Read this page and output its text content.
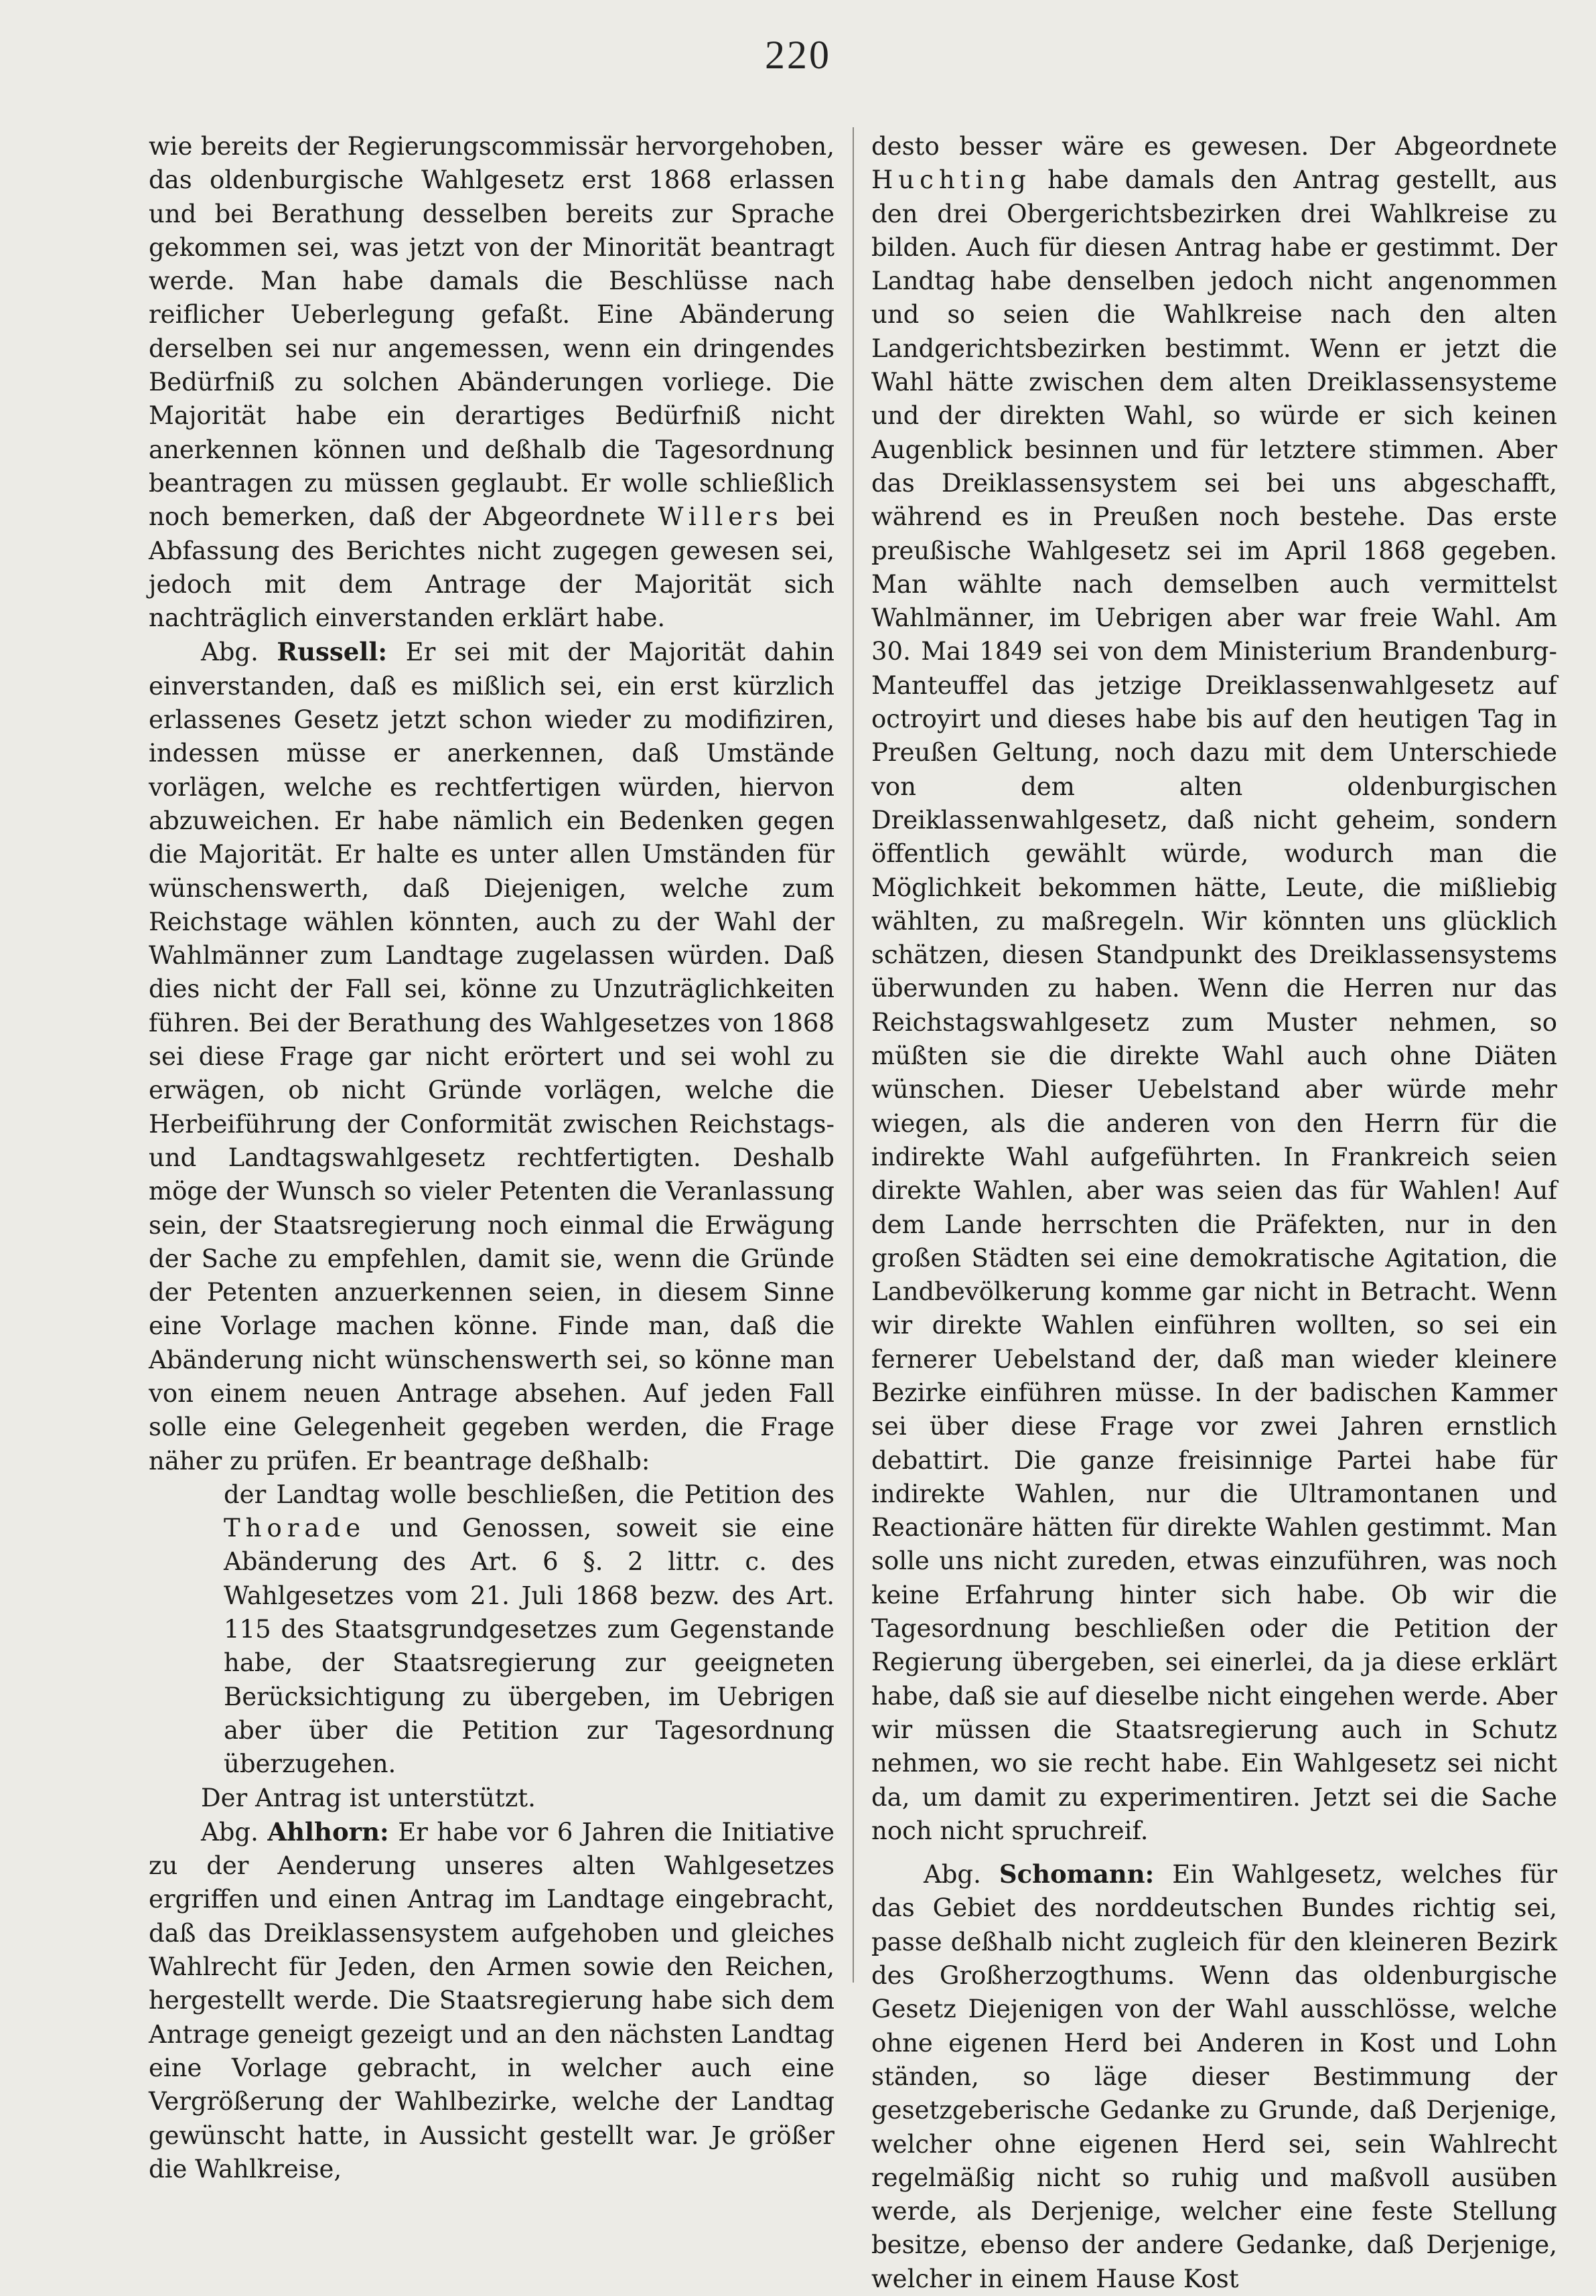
220

wie bereits der Regierungscommissär hervorgehoben, das oldenburgische Wahlgesetz erst 1868 erlassen und bei Berathung desselben bereits zur Sprache gekommen sei, was jetzt von der Minorität beantragt werde. Man habe damals die Beschlüsse nach reiflicher Ueberlegung gefaßt. Eine Abänderung derselben sei nur angemessen, wenn ein dringendes Bedürfniß zu solchen Abänderungen vorliege. Die Majorität habe ein derartiges Bedürfniß nicht anerkennen können und deßhalb die Tagesordnung beantragen zu müssen geglaubt. Er wolle schließlich noch bemerken, daß der Abgeordnete Willers bei Abfassung des Berichtes nicht zugegen gewesen sei, jedoch mit dem Antrage der Majorität sich nachträglich einverstanden erklärt habe.

Abg. Russell: Er sei mit der Majorität dahin einverstanden, daß es mißlich sei, ein erst kürzlich erlassenes Gesetz jetzt schon wieder zu modifiziren, indessen müsse er anerkennen, daß Umstände vorlägen, welche es rechtfertigen würden, hiervon abzuweichen. Er habe nämlich ein Bedenken gegen die Majorität. Er halte es unter allen Umständen für wünschenswerth, daß Diejenigen, welche zum Reichstage wählen könnten, auch zu der Wahl der Wahlmänner zum Landtage zugelassen würden. Daß dies nicht der Fall sei, könne zu Unzuträglichkeiten führen. Bei der Berathung des Wahlgesetzes von 1868 sei diese Frage gar nicht erörtert und sei wohl zu erwägen, ob nicht Gründe vorlägen, welche die Herbeiführung der Conformität zwischen Reichstags- und Landtagswahlgesetz rechtfertigten. Deshalb möge der Wunsch so vieler Petenten die Veranlassung sein, der Staatsregierung noch einmal die Erwägung der Sache zu empfehlen, damit sie, wenn die Gründe der Petenten anzuerkennen seien, in diesem Sinne eine Vorlage machen könne. Finde man, daß die Abänderung nicht wünschenswerth sei, so könne man von einem neuen Antrage absehen. Auf jeden Fall solle eine Gelegenheit gegeben werden, die Frage näher zu prüfen. Er beantrage deßhalb:

der Landtag wolle beschließen, die Petition des Thorade und Genossen, soweit sie eine Abänderung des Art. 6 §. 2 littr. c. des Wahlgesetzes vom 21. Juli 1868 bezw. des Art. 115 des Staatsgrundgesetzes zum Gegenstande habe, der Staatsregierung zur geeigneten Berücksichtigung zu übergeben, im Uebrigen aber über die Petition zur Tagesordnung überzugehen.

Der Antrag ist unterstützt.

Abg. Ahlhorn: Er habe vor 6 Jahren die Initiative zu der Aenderung unseres alten Wahlgesetzes ergriffen und einen Antrag im Landtage eingebracht, daß das Dreiklassensystem aufgehoben und gleiches Wahlrecht für Jeden, den Armen sowie den Reichen, hergestellt werde. Die Staatsregierung habe sich dem Antrage geneigt gezeigt und an den nächsten Landtag eine Vorlage gebracht, in welcher auch eine Vergrößerung der Wahlbezirke, welche der Landtag gewünscht hatte, in Aussicht gestellt war. Je größer die Wahlkreise,

desto besser wäre es gewesen. Der Abgeordnete Huchting habe damals den Antrag gestellt, aus den drei Obergerichtsbezirken drei Wahlkreise zu bilden. Auch für diesen Antrag habe er gestimmt. Der Landtag habe denselben jedoch nicht angenommen und so seien die Wahlkreise nach den alten Landgerichtsbezirken bestimmt. Wenn er jetzt die Wahl hätte zwischen dem alten Dreiklassensysteme und der direkten Wahl, so würde er sich keinen Augenblick besinnen und für letztere stimmen. Aber das Dreiklassensystem sei bei uns abgeschafft, während es in Preußen noch bestehe. Das erste preußische Wahlgesetz sei im April 1868 gegeben. Man wählte nach demselben auch vermittelst Wahlmänner, im Uebrigen aber war freie Wahl. Am 30. Mai 1849 sei von dem Ministerium Brandenburg-Manteuffel das jetzige Dreiklassenwahlgesetz auf octroyirt und dieses habe bis auf den heutigen Tag in Preußen Geltung, noch dazu mit dem Unterschiede von dem alten oldenburgischen Dreiklassenwahlgesetz, daß nicht geheim, sondern öffentlich gewählt würde, wodurch man die Möglichkeit bekommen hätte, Leute, die mißliebig wählten, zu maßregeln. Wir könnten uns glücklich schätzen, diesen Standpunkt des Dreiklassensystems überwunden zu haben. Wenn die Herren nur das Reichstagswahlgesetz zum Muster nehmen, so müßten sie die direkte Wahl auch ohne Diäten wünschen. Dieser Uebelstand aber würde mehr wiegen, als die anderen von den Herrn für die indirekte Wahl aufgeführten. In Frankreich seien direkte Wahlen, aber was seien das für Wahlen! Auf dem Lande herrschten die Präfekten, nur in den großen Städten sei eine demokratische Agitation, die Landbevölkerung komme gar nicht in Betracht. Wenn wir direkte Wahlen einführen wollten, so sei ein fernerer Uebelstand der, daß man wieder kleinere Bezirke einführen müsse. In der badischen Kammer sei über diese Frage vor zwei Jahren ernstlich debattirt. Die ganze freisinnige Partei habe für indirekte Wahlen, nur die Ultramontanen und Reactionäre hätten für direkte Wahlen gestimmt. Man solle uns nicht zureden, etwas einzuführen, was noch keine Erfahrung hinter sich habe. Ob wir die Tagesordnung beschließen oder die Petition der Regierung übergeben, sei einerlei, da ja diese erklärt habe, daß sie auf dieselbe nicht eingehen werde. Aber wir müssen die Staatsregierung auch in Schutz nehmen, wo sie recht habe. Ein Wahlgesetz sei nicht da, um damit zu experimentiren. Jetzt sei die Sache noch nicht spruchreif.

Abg. Schomann: Ein Wahlgesetz, welches für das Gebiet des norddeutschen Bundes richtig sei, passe deßhalb nicht zugleich für den kleineren Bezirk des Großherzogthums. Wenn das oldenburgische Gesetz Diejenigen von der Wahl ausschlösse, welche ohne eigenen Herd bei Anderen in Kost und Lohn ständen, so läge dieser Bestimmung der gesetzgeberische Gedanke zu Grunde, daß Derjenige, welcher ohne eigenen Herd sei, sein Wahlrecht regelmäßig nicht so ruhig und maßvoll ausüben werde, als Derjenige, welcher eine feste Stellung besitze, ebenso der andere Gedanke, daß Derjenige, welcher in einem Hause Kost
